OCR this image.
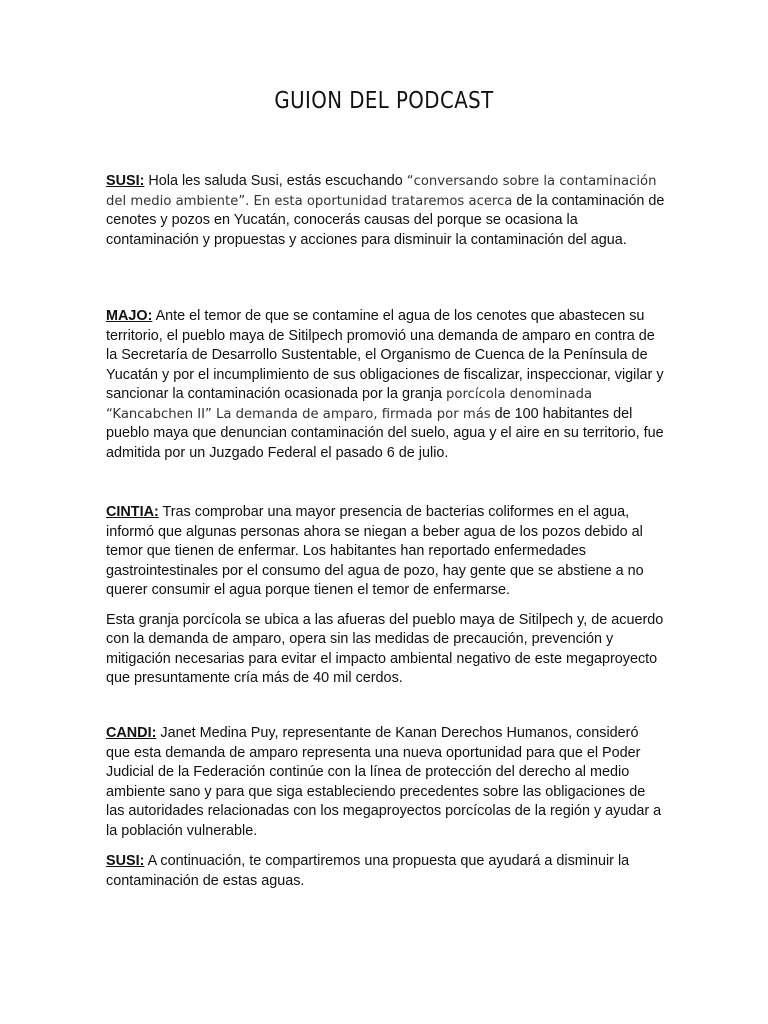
GUION DEL PODCAST

SUSI: Hola les saluda Susi, estás escuchando “conversando sobre la contaminación del medio ambiente”. En esta oportunidad trataremos acerca de la contaminación de cenotes y pozos en Yucatán, conocerás causas del porque se ocasiona la contaminación y propuestas y acciones para disminuir la contaminación del agua.

MAJO: Ante el temor de que se contamine el agua de los cenotes que abastecen su territorio, el pueblo maya de Sitilpech promovió una demanda de amparo en contra de la Secretaría de Desarrollo Sustentable, el Organismo de Cuenca de la Península de Yucatán y por el incumplimiento de sus obligaciones de fiscalizar, inspeccionar, vigilar y sancionar la contaminación ocasionada por la granja porcícola denominada “Kancabchen II” La demanda de amparo, firmada por más de 100 habitantes del pueblo maya que denuncian contaminación del suelo, agua y el aire en su territorio, fue admitida por un Juzgado Federal el pasado 6 de julio.

CINTIA: Tras comprobar una mayor presencia de bacterias coliformes en el agua, informó que algunas personas ahora se niegan a beber agua de los pozos debido al temor que tienen de enfermar. Los habitantes han reportado enfermedades gastrointestinales por el consumo del agua de pozo, hay gente que se abstiene a no querer consumir el agua porque tienen el temor de enfermarse.

Esta granja porcícola se ubica a las afueras del pueblo maya de Sitilpech y, de acuerdo con la demanda de amparo, opera sin las medidas de precaución, prevención y mitigación necesarias para evitar el impacto ambiental negativo de este megaproyecto que presuntamente cría más de 40 mil cerdos.

CANDI: Janet Medina Puy, representante de Kanan Derechos Humanos, consideró que esta demanda de amparo representa una nueva oportunidad para que el Poder Judicial de la Federación continúe con la línea de protección del derecho al medio ambiente sano y para que siga estableciendo precedentes sobre las obligaciones de las autoridades relacionadas con los megaproyectos porcícolas de la región y ayudar a la población vulnerable.

SUSI: A continuación, te compartiremos una propuesta que ayudará a disminuir la contaminación de estas aguas.
